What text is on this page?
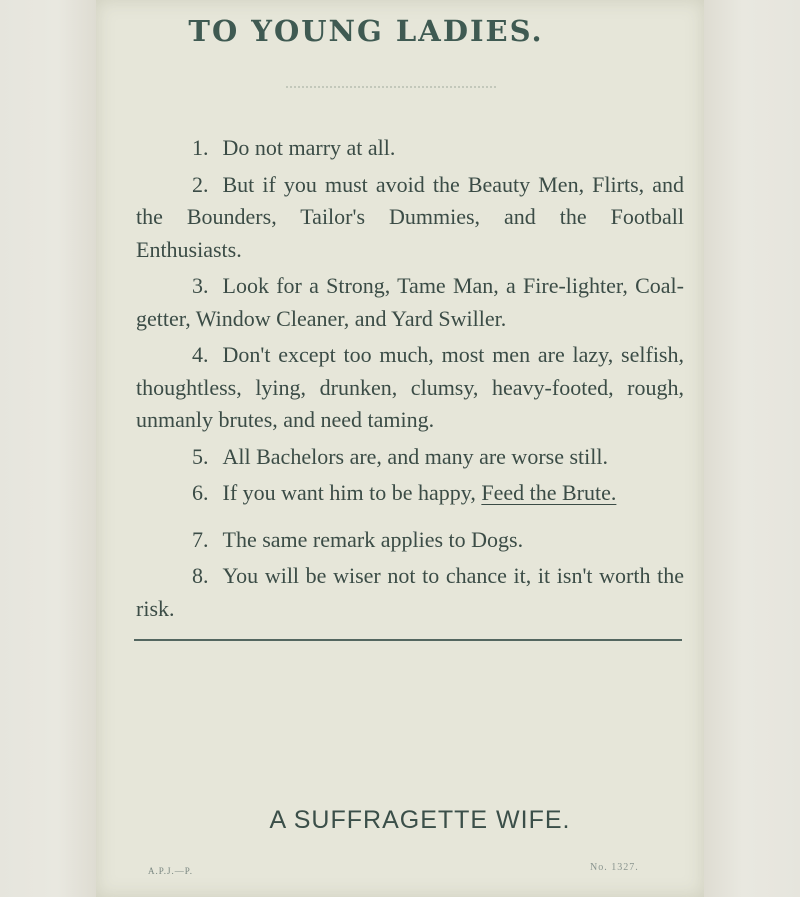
TO YOUNG LADIES.

1. Do not marry at all.

2. But if you must avoid the Beauty Men, Flirts, and the Bounders, Tailor's Dummies, and the Football Enthusiasts.

3. Look for a Strong, Tame Man, a Fire-lighter, Coal-getter, Window Cleaner, and Yard Swiller.

4. Don't except too much, most men are lazy, selfish, thoughtless, lying, drunken, clumsy, heavy-footed, rough, unmanly brutes, and need taming.

5. All Bachelors are, and many are worse still.

6. If you want him to be happy, Feed the Brute.

7. The same remark applies to Dogs.

8. You will be wiser not to chance it, it isn't worth the risk.

A SUFFRAGETTE WIFE.
A.P.J.—P.	No. 1327.
